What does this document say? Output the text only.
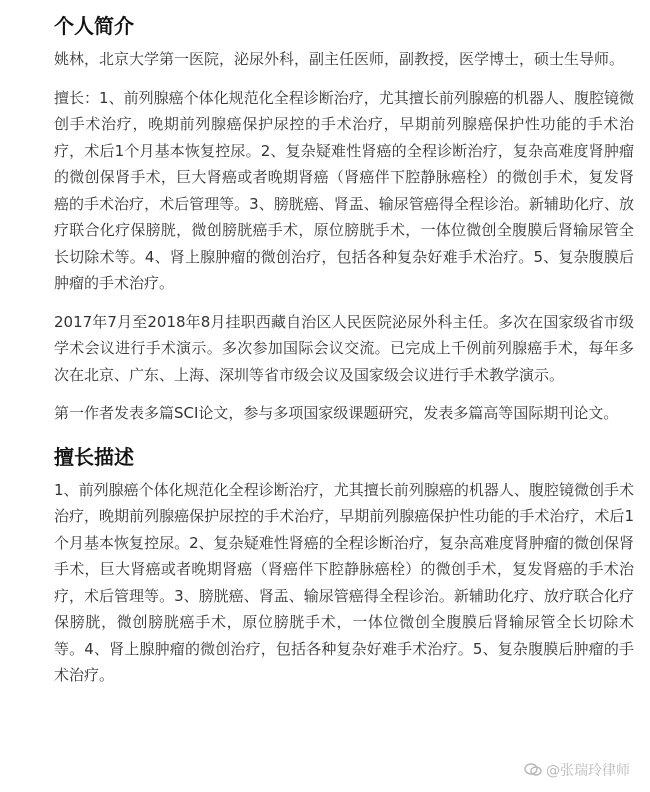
个人简介

姚林，北京大学第一医院，泌尿外科，副主任医师，副教授，医学博士，硕士生导师。

擅长：1、前列腺癌个体化规范化全程诊断治疗，尤其擅长前列腺癌的机器人、腹腔镜微创手术治疗，晚期前列腺癌保护尿控的手术治疗，早期前列腺癌保护性功能的手术治疗，术后1个月基本恢复控尿。2、复杂疑难性肾癌的全程诊断治疗，复杂高难度肾肿瘤的微创保肾手术，巨大肾癌或者晚期肾癌（肾癌伴下腔静脉癌栓）的微创手术，复发肾癌的手术治疗，术后管理等。3、膀胱癌、肾盂、输尿管癌得全程诊治。新辅助化疗、放疗联合化疗保膀胱，微创膀胱癌手术，原位膀胱手术，一体位微创全腹膜后肾输尿管全长切除术等。4、肾上腺肿瘤的微创治疗，包括各种复杂好难手术治疗。5、复杂腹膜后肿瘤的手术治疗。

2017年7月至2018年8月挂职西藏自治区人民医院泌尿外科主任。多次在国家级省市级学术会议进行手术演示。多次参加国际会议交流。已完成上千例前列腺癌手术，每年多次在北京、广东、上海、深圳等省市级会议及国家级会议进行手术教学演示。

第一作者发表多篇SCI论文，参与多项国家级课题研究，发表多篇高等国际期刊论文。

擅长描述

1、前列腺癌个体化规范化全程诊断治疗，尤其擅长前列腺癌的机器人、腹腔镜微创手术治疗，晚期前列腺癌保护尿控的手术治疗，早期前列腺癌保护性功能的手术治疗，术后1个月基本恢复控尿。2、复杂疑难性肾癌的全程诊断治疗，复杂高难度肾肿瘤的微创保肾手术，巨大肾癌或者晚期肾癌（肾癌伴下腔静脉癌栓）的微创手术，复发肾癌的手术治疗，术后管理等。3、膀胱癌、肾盂、输尿管癌得全程诊治。新辅助化疗、放疗联合化疗保膀胱，微创膀胱癌手术，原位膀胱手术，一体位微创全腹膜后肾输尿管全长切除术等。4、肾上腺肿瘤的微创治疗，包括各种复杂好难手术治疗。5、复杂腹膜后肿瘤的手术治疗。

@张瑞玲律师
